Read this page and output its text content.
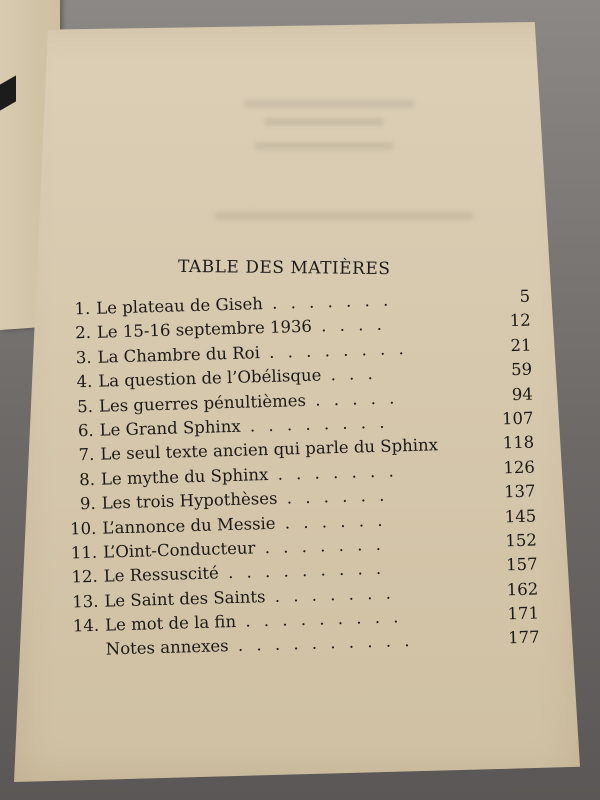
TABLE DES MATIÈRES
1. Le plateau de Giseh . . . . . . .	5
2. Le 15-16 septembre 1936 . . . .	12
3. La Chambre du Roi . . . . . . . .	21
4. La question de l’Obélisque . . .	59
5. Les guerres pénultièmes . . . . .	94
6. Le Grand Sphinx . . . . . . . .	107
7. Le seul texte ancien qui parle du Sphinx	118
8. Le mythe du Sphinx . . . . . . .	126
9. Les trois Hypothèses . . . . . .	137
10. L’annonce du Messie . . . . . .	145
11. L’Oint-Conducteur . . . . . . .	152
12. Le Ressuscité . . . . . . . . .	157
13. Le Saint des Saints . . . . . . .	162
14. Le mot de la fin . . . . . . . . .	171
Notes annexes . . . . . . . . . .	177
